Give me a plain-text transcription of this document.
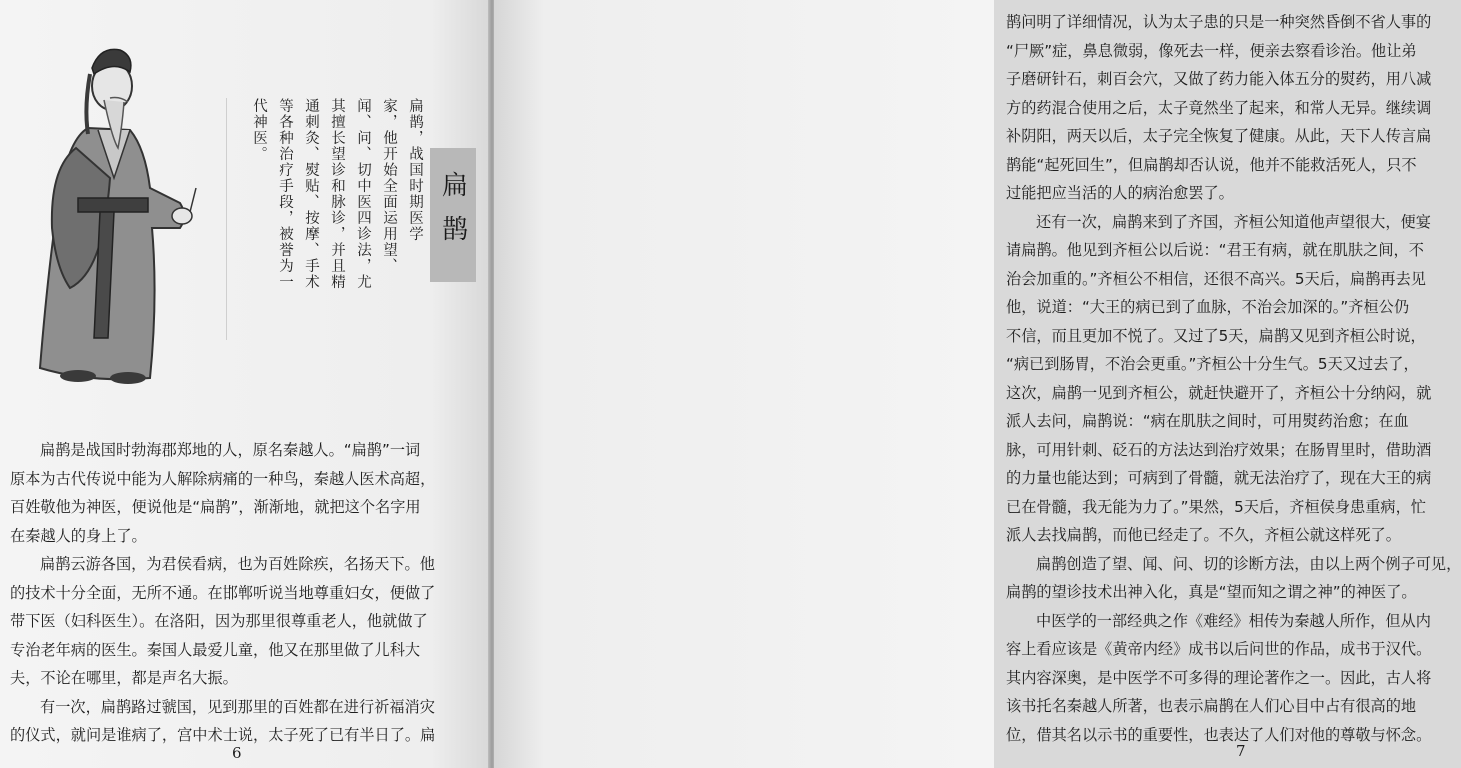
扁鹊，战国时期医学
家，他开始全面运用望、
闻、问、切中医四诊法，尤
其擅长望诊和脉诊，并且精
通刺灸、熨贴、按摩、手术
等各种治疗手段，被誉为一
代神医。
扁鹊

扁鹊是战国时勃海郡郑地的人，原名秦越人。“扁鹊”一词

原本为古代传说中能为人解除病痛的一种鸟，秦越人医术高超，

百姓敬他为神医，便说他是“扁鹊”，渐渐地，就把这个名字用

在秦越人的身上了。

扁鹊云游各国，为君侯看病，也为百姓除疾，名扬天下。他

的技术十分全面，无所不通。在邯郸听说当地尊重妇女，便做了

带下医（妇科医生）。在洛阳，因为那里很尊重老人，他就做了

专治老年病的医生。秦国人最爱儿童，他又在那里做了儿科大

夫，不论在哪里，都是声名大振。

有一次，扁鹊路过虢国，见到那里的百姓都在进行祈福消灾

的仪式，就问是谁病了，宫中术士说，太子死了已有半日了。扁

6

鹊问明了详细情况，认为太子患的只是一种突然昏倒不省人事的

“尸厥”症，鼻息微弱，像死去一样，便亲去察看诊治。他让弟

子磨研针石，刺百会穴，又做了药力能入体五分的熨药，用八减

方的药混合使用之后，太子竟然坐了起来，和常人无异。继续调

补阴阳，两天以后，太子完全恢复了健康。从此，天下人传言扁

鹊能“起死回生”，但扁鹊却否认说，他并不能救活死人，只不

过能把应当活的人的病治愈罢了。

还有一次，扁鹊来到了齐国，齐桓公知道他声望很大，便宴

请扁鹊。他见到齐桓公以后说：“君王有病，就在肌肤之间，不

治会加重的。”齐桓公不相信，还很不高兴。5天后，扁鹊再去见

他，说道：“大王的病已到了血脉，不治会加深的。”齐桓公仍

不信，而且更加不悦了。又过了5天，扁鹊又见到齐桓公时说，

“病已到肠胃，不治会更重。”齐桓公十分生气。5天又过去了，

这次，扁鹊一见到齐桓公，就赶快避开了，齐桓公十分纳闷，就

派人去问，扁鹊说：“病在肌肤之间时，可用熨药治愈；在血

脉，可用针刺、砭石的方法达到治疗效果；在肠胃里时，借助酒

的力量也能达到；可病到了骨髓，就无法治疗了，现在大王的病

已在骨髓，我无能为力了。”果然，5天后，齐桓侯身患重病，忙

派人去找扁鹊，而他已经走了。不久，齐桓公就这样死了。

扁鹊创造了望、闻、问、切的诊断方法，由以上两个例子可见，

扁鹊的望诊技术出神入化，真是“望而知之谓之神”的神医了。

中医学的一部经典之作《难经》相传为秦越人所作，但从内

容上看应该是《黄帝内经》成书以后问世的作品，成书于汉代。

其内容深奥，是中医学不可多得的理论著作之一。因此，古人将

该书托名秦越人所著，也表示扁鹊在人们心目中占有很高的地

位，借其名以示书的重要性，也表达了人们对他的尊敬与怀念。

7
